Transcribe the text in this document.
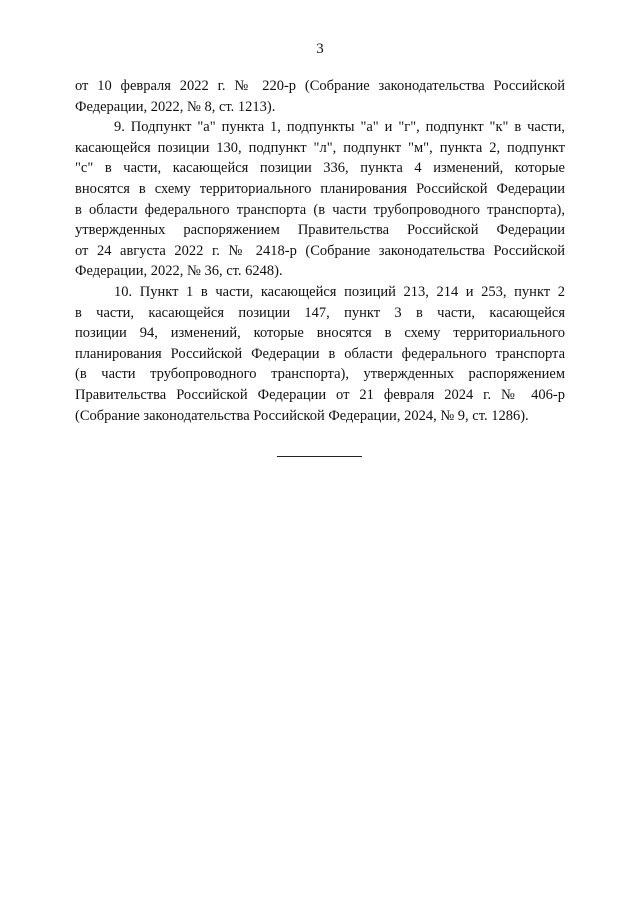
3
от 10 февраля 2022 г. № 220-р (Собрание законодательства Российской
Федерации, 2022, № 8, ст. 1213).
9. Подпункт "а" пункта 1, подпункты "а" и "г", подпункт "к" в части,
касающейся позиции 130, подпункт "л", подпункт "м", пункта 2, подпункт
"с" в части, касающейся позиции 336, пункта 4 изменений, которые
вносятся в схему территориального планирования Российской Федерации
в области федерального транспорта (в части трубопроводного транспорта),
утвержденных распоряжением Правительства Российской Федерации
от 24 августа 2022 г. № 2418-р (Собрание законодательства Российской
Федерации, 2022, № 36, ст. 6248).
10. Пункт 1 в части, касающейся позиций 213, 214 и 253, пункт 2
в части, касающейся позиции 147, пункт 3 в части, касающейся
позиции 94, изменений, которые вносятся в схему территориального
планирования Российской Федерации в области федерального транспорта
(в части трубопроводного транспорта), утвержденных распоряжением
Правительства Российской Федерации от 21 февраля 2024 г. № 406-р
(Собрание законодательства Российской Федерации, 2024, № 9, ст. 1286).
